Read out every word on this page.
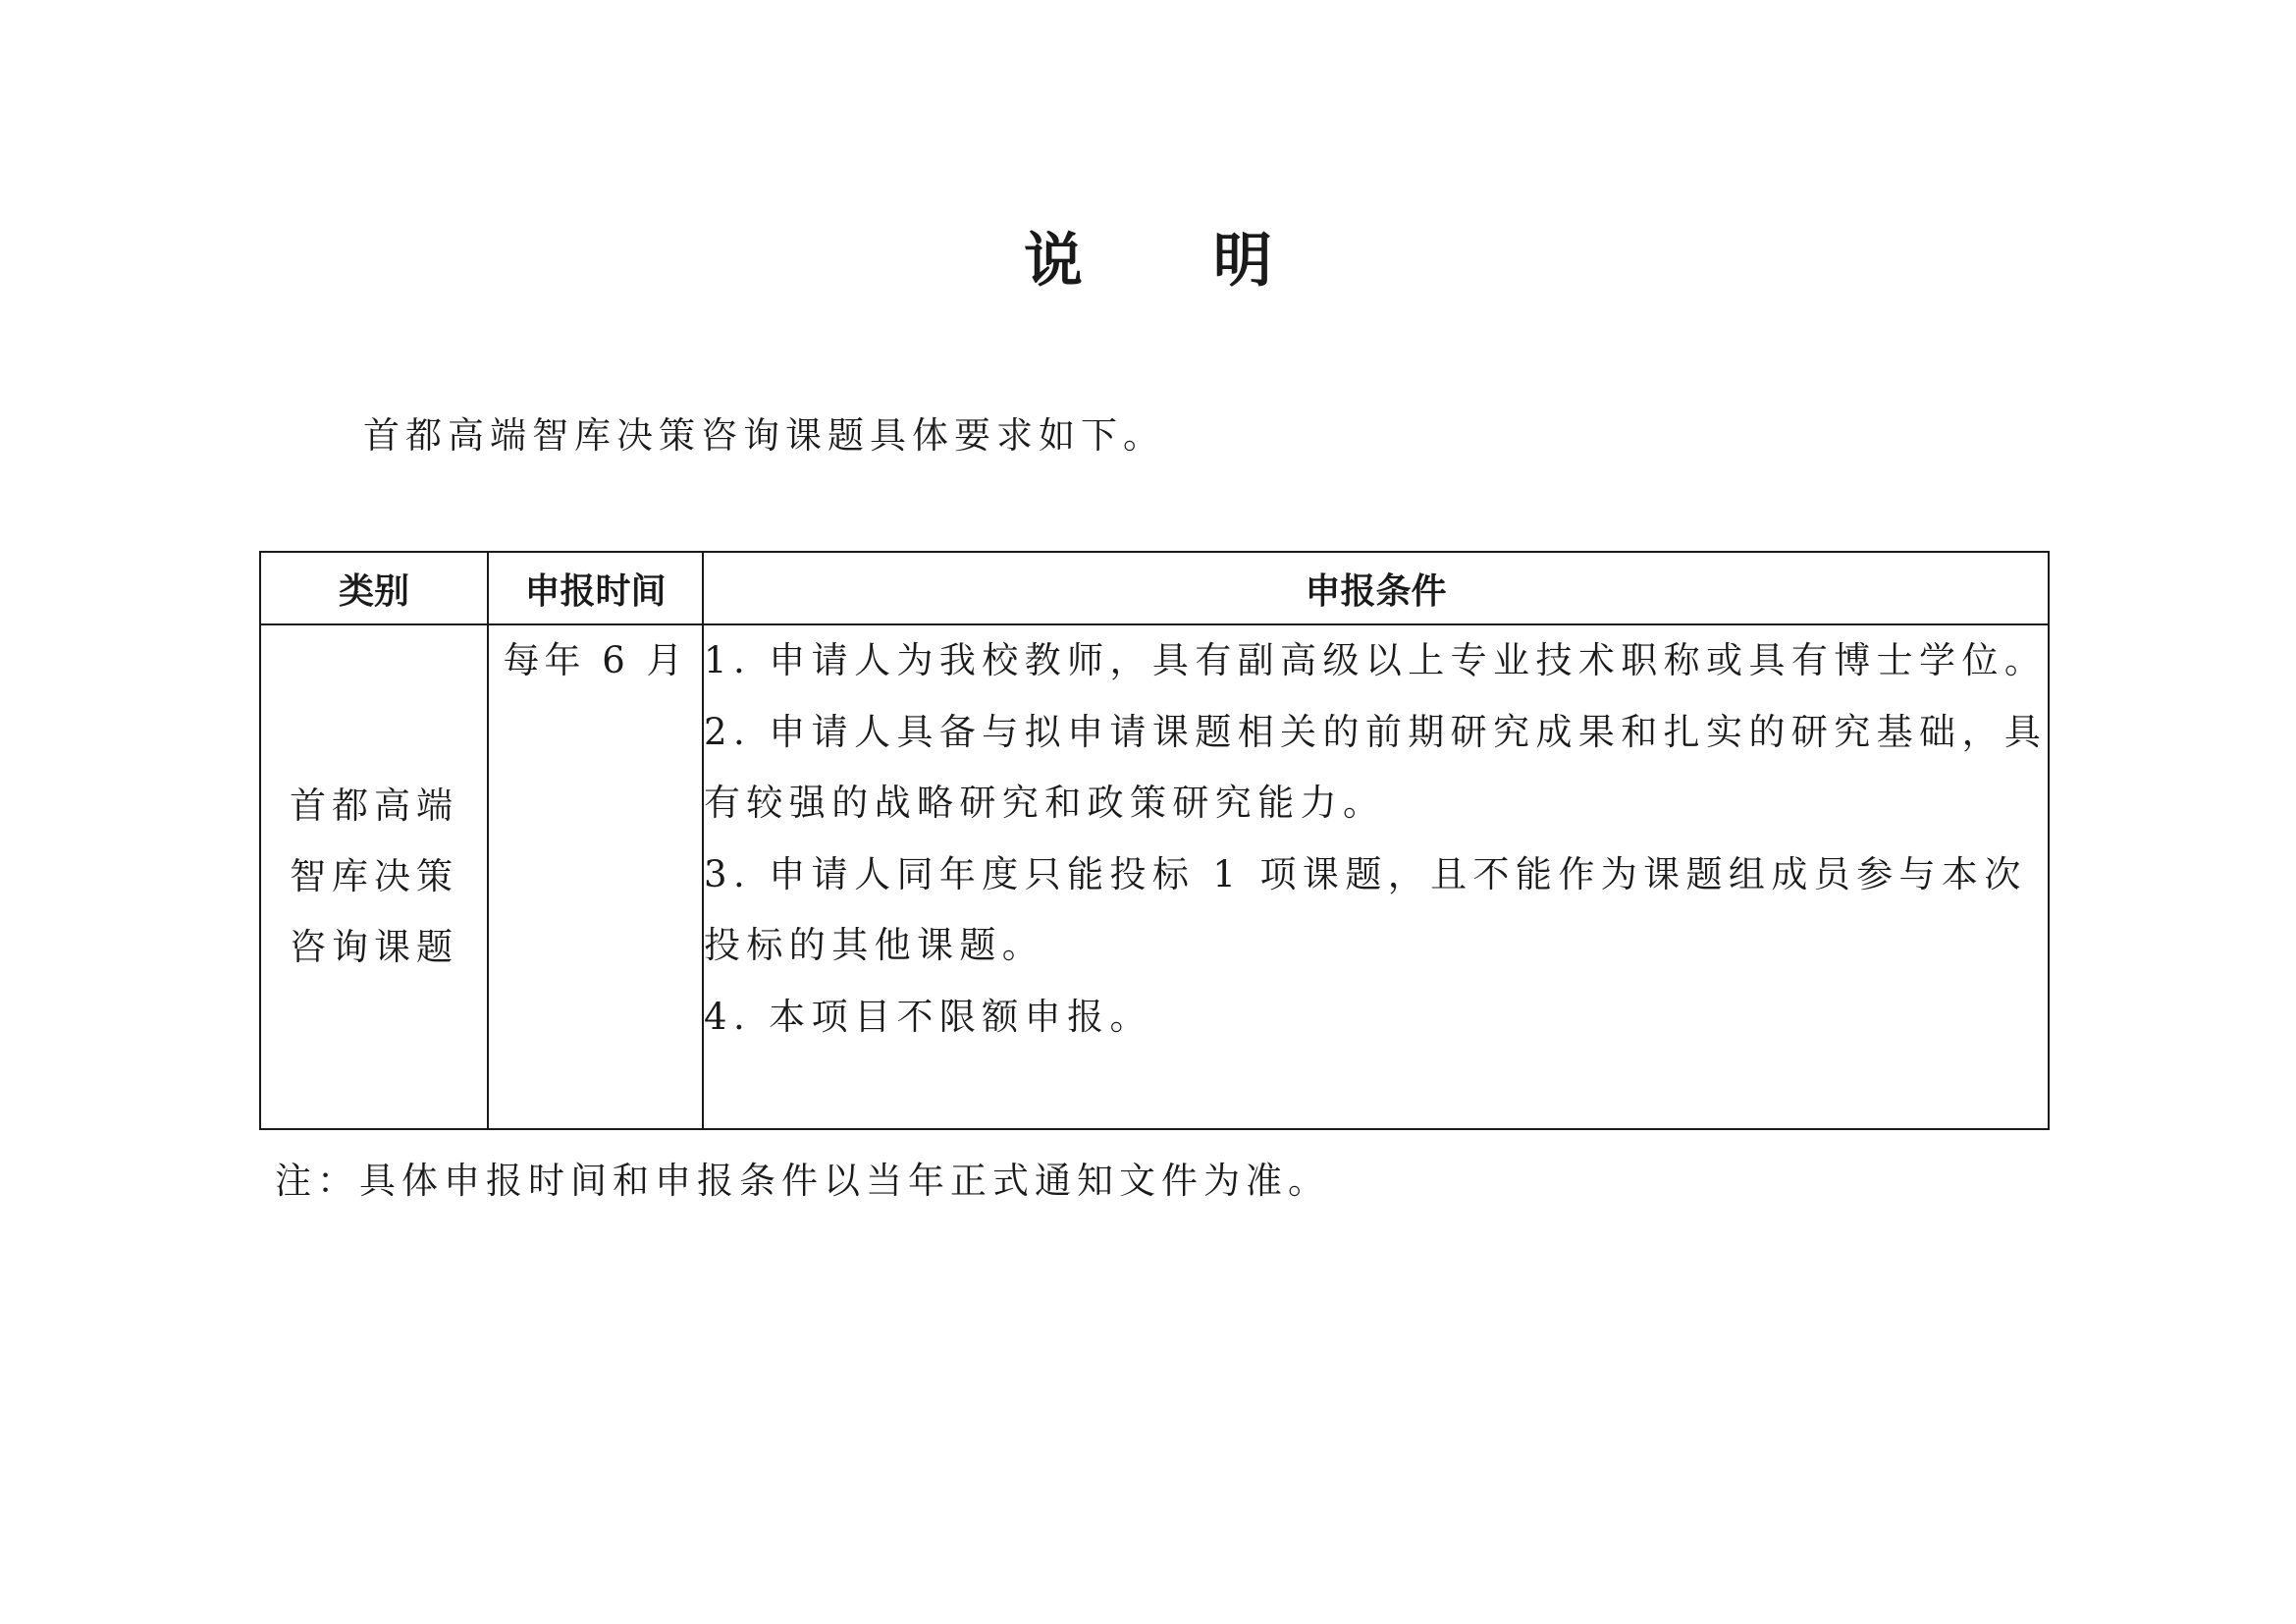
说 明
首都高端智库决策咨询课题具体要求如下。
类别	申报时间	申报条件

首都高端
智库决策
咨询课题	每年 6 月	1. 申请人为我校教师，具有副高级以上专业技术职称或具有博士学位。
2. 申请人具备与拟申请课题相关的前期研究成果和扎实的研究基础，具有较强的战略研究和政策研究能力。
3. 申请人同年度只能投标 1 项课题，且不能作为课题组成员参与本次投标的其他课题。
4. 本项目不限额申报。
注：具体申报时间和申报条件以当年正式通知文件为准。
